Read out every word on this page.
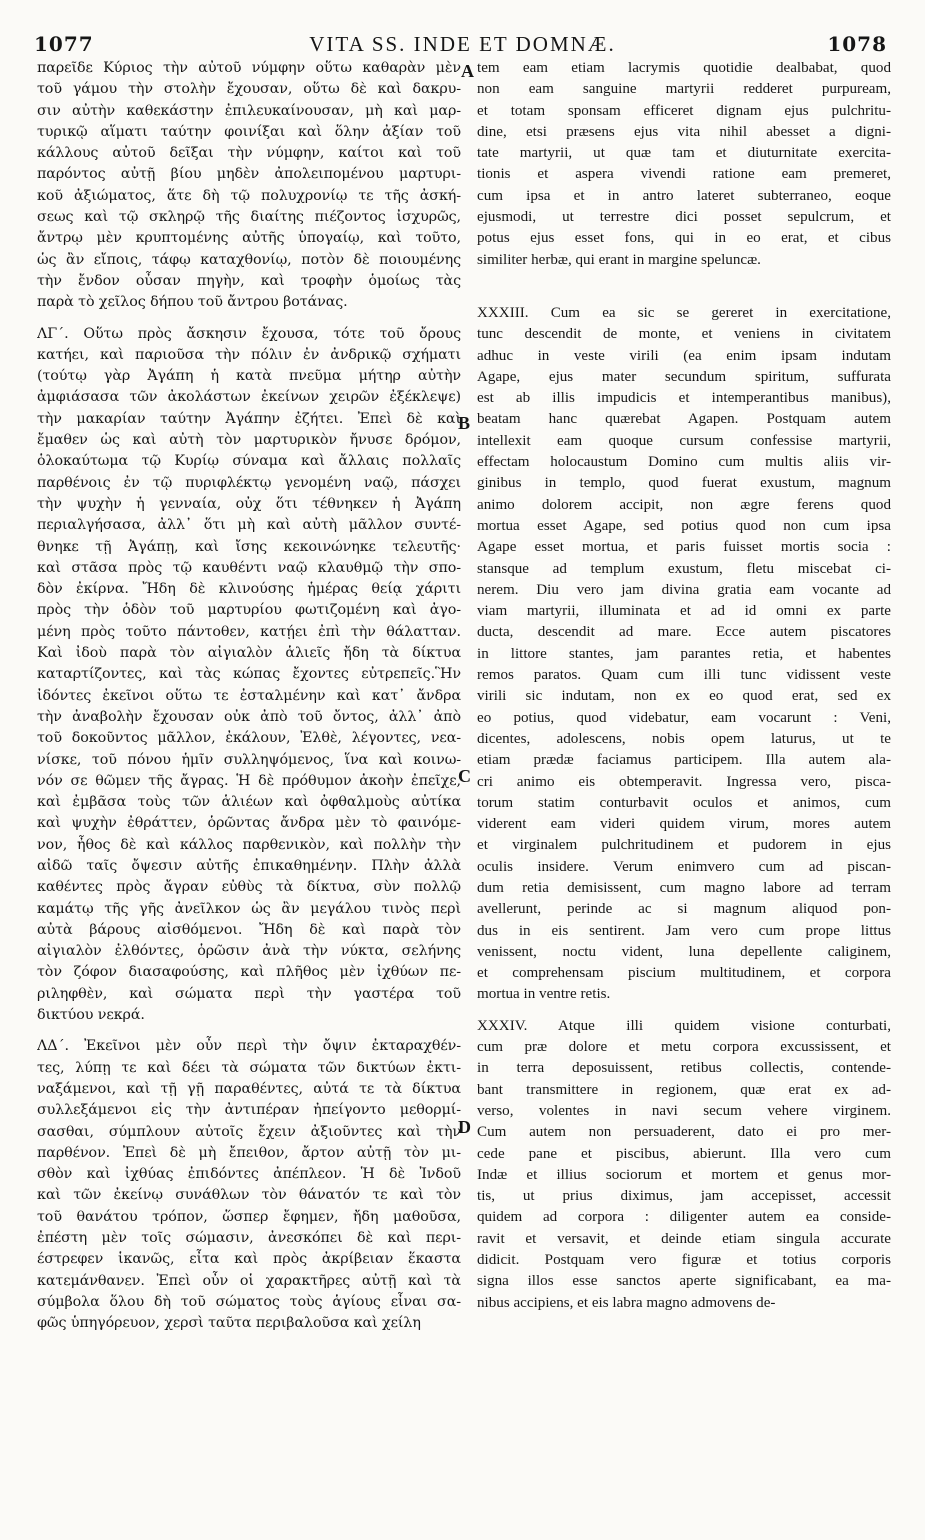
1077	VITA SS. INDE ET DOMNÆ.	1078
A
B
C
D
παρεῖδε Κύριος τὴν αὐτοῦ νύμφην οὕτω καθαρὰν μὲν
τοῦ γάμου τὴν στολὴν ἔχουσαν, οὕτω δὲ καὶ δακρυ-
σιν αὐτὴν καθεκάστην ἐπιλευκαίνουσαν, μὴ καὶ μαρ-
τυρικῷ αἵματι ταύτην φοινίξαι καὶ ὅλην ἀξίαν τοῦ
κάλλους αὐτοῦ δεῖξαι τὴν νύμφην, καίτοι καὶ τοῦ
παρόντος αὐτῇ βίου μηδὲν ἀπολειπομένου μαρτυρι-
κοῦ ἀξιώματος, ἅτε δὴ τῷ πολυχρονίῳ τε τῆς ἀσκή-
σεως καὶ τῷ σκληρῷ τῆς διαίτης πιέζοντος ἰσχυρῶς,
ἄντρῳ μὲν κρυπτομένης αὐτῆς ὑπογαίῳ, καὶ τοῦτο,
ὡς ἂν εἴποις, τάφῳ καταχθονίῳ, ποτὸν δὲ ποιουμένης
τὴν ἔνδον οὖσαν πηγὴν, καὶ τροφὴν ὁμοίως τὰς
παρὰ τὸ χεῖλος δήπου τοῦ ἄντρου βοτάνας.
ΛΓ΄. Οὕτω πρὸς ἄσκησιν ἔχουσα, τότε τοῦ ὄρους
κατήει, καὶ παριοῦσα τὴν πόλιν ἐν ἀνδρικῷ σχήματι
(τούτῳ γὰρ Ἀγάπη ἡ κατὰ πνεῦμα μήτηρ αὐτὴν
ἀμφιάσασα τῶν ἀκολάστων ἐκείνων χειρῶν ἐξέκλεψε)
τὴν μακαρίαν ταύτην Ἀγάπην ἐζήτει. Ἐπεὶ δὲ καὶ
ἔμαθεν ὡς καὶ αὐτὴ τὸν μαρτυρικὸν ἤνυσε δρόμον,
ὁλοκαύτωμα τῷ Κυρίῳ σύναμα καὶ ἄλλαις πολλαῖς
παρθένοις ἐν τῷ πυριφλέκτῳ γενομένη ναῷ, πάσχει
τὴν ψυχὴν ἡ γενναία, οὐχ ὅτι τέθνηκεν ἡ Ἀγάπη
περιαλγήσασα, ἀλλ᾽ ὅτι μὴ καὶ αὐτὴ μᾶλλον συντέ-
θνηκε τῇ Ἀγάπῃ, καὶ ἴσης κεκοινώνηκε τελευτῆς·
καὶ στᾶσα πρὸς τῷ καυθέντι ναῷ κλαυθμῷ τὴν σπο-
δὸν ἐκίρνα. Ἤδη δὲ κλινούσης ἡμέρας θείᾳ χάριτι
πρὸς τὴν ὁδὸν τοῦ μαρτυρίου φωτιζομένη καὶ ἀγο-
μένη πρὸς τοῦτο πάντοθεν, κατῄει ἐπὶ τὴν θάλατταν.
Καὶ ἰδοὺ παρὰ τὸν αἰγιαλὸν ἁλιεῖς ἤδη τὰ δίκτυα
καταρτίζοντες, καὶ τὰς κώπας ἔχοντες εὐτρεπεῖς.Ἣν
ἰδόντες ἐκεῖνοι οὕτω τε ἐσταλμένην καὶ κατ᾽ ἄνδρα
τὴν ἀναβολὴν ἔχουσαν οὐκ ἀπὸ τοῦ ὄντος, ἀλλ᾽ ἀπὸ
τοῦ δοκοῦντος μᾶλλον, ἐκάλουν, Ἐλθὲ, λέγοντες, νεα-
νίσκε, τοῦ πόνου ἡμῖν συλληψόμενος, ἵνα καὶ κοινω-
νόν σε θῶμεν τῆς ἄγρας. Ἡ δὲ πρόθυμον ἀκοὴν ἐπεῖχε,
καὶ ἐμβᾶσα τοὺς τῶν ἁλιέων καὶ ὀφθαλμοὺς αὐτίκα
καὶ ψυχὴν ἐθράττεν, ὁρῶντας ἄνδρα μὲν τὸ φαινόμε-
νον, ἦθος δὲ καὶ κάλλος παρθενικὸν, καὶ πολλὴν τὴν
αἰδῶ ταῖς ὄψεσιν αὐτῆς ἐπικαθημένην. Πλὴν ἀλλὰ
καθέντες πρὸς ἄγραν εὐθὺς τὰ δίκτυα, σὺν πολλῷ
καμάτῳ τῆς γῆς ἀνεῖλκον ὡς ἂν μεγάλου τινὸς περὶ
αὐτὰ βάρους αἰσθόμενοι. Ἤδη δὲ καὶ παρὰ τὸν
αἰγιαλὸν ἐλθόντες, ὁρῶσιν ἀνὰ τὴν νύκτα, σελήνης
τὸν ζόφον διασαφούσης, καὶ πλῆθος μὲν ἰχθύων πε-
ριληφθὲν, καὶ σώματα περὶ τὴν γαστέρα τοῦ
δικτύου νεκρά.
ΛΔ΄. Ἐκεῖνοι μὲν οὖν περὶ τὴν ὄψιν ἐκταραχθέν-
τες, λύπῃ τε καὶ δέει τὰ σώματα τῶν δικτύων ἐκτι-
ναξάμενοι, καὶ τῇ γῇ παραθέντες, αὐτά τε τὰ δίκτυα
συλλεξάμενοι εἰς τὴν ἀντιπέραν ἠπείγοντο μεθορμί-
σασθαι, σύμπλουν αὐτοῖς ἔχειν ἀξιοῦντες καὶ τὴν
παρθένον. Ἐπεὶ δὲ μὴ ἔπειθον, ἄρτον αὐτῇ τὸν μι-
σθὸν καὶ ἰχθύας ἐπιδόντες ἀπέπλεον. Ἡ δὲ Ἰνδοῦ
καὶ τῶν ἐκείνῳ συνάθλων τὸν θάνατόν τε καὶ τὸν
τοῦ θανάτου τρόπον, ὥσπερ ἔφημεν, ἤδη μαθοῦσα,
ἐπέστη μὲν τοῖς σώμασιν, ἀνεσκόπει δὲ καὶ περι-
έστρεφεν ἱκανῶς, εἶτα καὶ πρὸς ἀκρίβειαν ἕκαστα
κατεμάνθανεν. Ἐπεὶ οὖν οἱ χαρακτῆρες αὐτῇ καὶ τὰ
σύμβολα ὅλου δὴ τοῦ σώματος τοὺς ἁγίους εἶναι σα-
φῶς ὑπηγόρευον, χερσὶ ταῦτα περιβαλοῦσα καὶ χείλη
tem eam etiam lacrymis quotidie dealbabat, quod
non eam sanguine martyrii redderet purpuream,
et totam sponsam efficeret dignam ejus pulchritu-
dine, etsi præsens ejus vita nihil abesset a digni-
tate martyrii, ut quæ tam et diuturnitate exercita-
tionis et aspera vivendi ratione eam premeret,
cum ipsa et in antro lateret subterraneo, eoque
ejusmodi, ut terrestre dici posset sepulcrum, et
potus ejus esset fons, qui in eo erat, et cibus
similiter herbæ, qui erant in margine speluncæ.
XXXIII. Cum ea sic se gereret in exercitatione,
tunc descendit de monte, et veniens in civitatem
adhuc in veste virili (ea enim ipsam indutam
Agape, ejus mater secundum spiritum, suffurata
est ab illis impudicis et intemperantibus manibus),
beatam hanc quærebat Agapen. Postquam autem
intellexit eam quoque cursum confessise martyrii,
effectam holocaustum Domino cum multis aliis vir-
ginibus in templo, quod fuerat exustum, magnum
animo dolorem accipit, non ægre ferens quod
mortua esset Agape, sed potius quod non cum ipsa
Agape esset mortua, et paris fuisset mortis socia :
stansque ad templum exustum, fletu miscebat ci-
nerem. Diu vero jam divina gratia eam vocante ad
viam martyrii, illuminata et ad id omni ex parte
ducta, descendit ad mare. Ecce autem piscatores
in littore stantes, jam parantes retia, et habentes
remos paratos. Quam cum illi tunc vidissent veste
virili sic indutam, non ex eo quod erat, sed ex
eo potius, quod videbatur, eam vocarunt : Veni,
dicentes, adolescens, nobis opem laturus, ut te
etiam prædæ faciamus participem. Illa autem ala-
cri animo eis obtemperavit. Ingressa vero, pisca-
torum statim conturbavit oculos et animos, cum
viderent eam videri quidem virum, mores autem
et virginalem pulchritudinem et pudorem in ejus
oculis insidere. Verum enimvero cum ad piscan-
dum retia demisissent, cum magno labore ad terram
avellerunt, perinde ac si magnum aliquod pon-
dus in eis sentirent. Jam vero cum prope littus
venissent, noctu vident, luna depellente caliginem,
et comprehensam piscium multitudinem, et corpora
mortua in ventre retis.
XXXIV. Atque illi quidem visione conturbati,
cum præ dolore et metu corpora excussissent, et
in terra deposuissent, retibus collectis, contende-
bant transmittere in regionem, quæ erat ex ad-
verso, volentes in navi secum vehere virginem.
Cum autem non persuaderent, dato ei pro mer-
cede pane et piscibus, abierunt. Illa vero cum
Indæ et illius sociorum et mortem et genus mor-
tis, ut prius diximus, jam accepisset, accessit
quidem ad corpora : diligenter autem ea conside-
ravit et versavit, et deinde etiam singula accurate
didicit. Postquam vero figuræ et totius corporis
signa illos esse sanctos aperte significabant, ea ma-
nibus accipiens, et eis labra magno admovens de-
